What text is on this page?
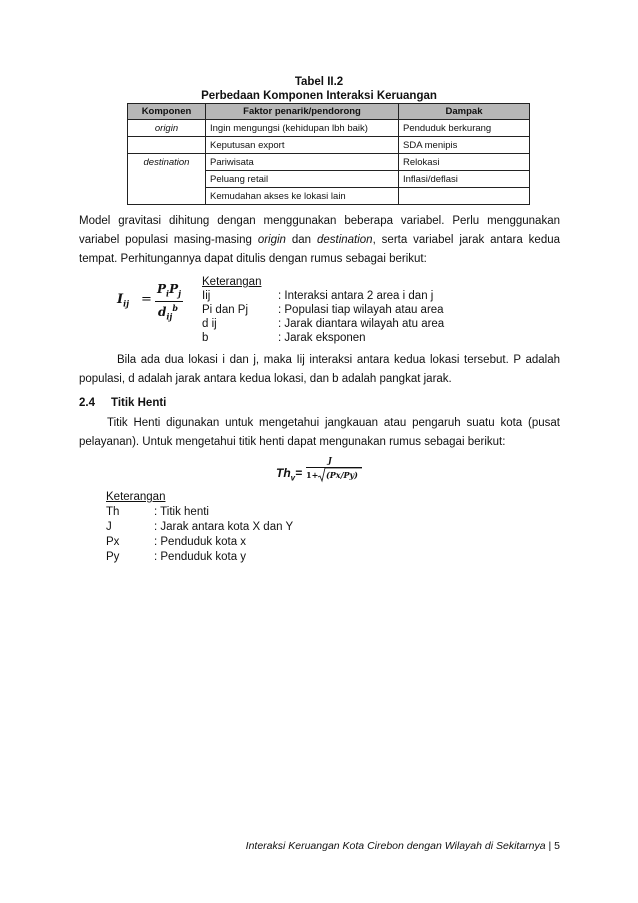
Tabel II.2
Perbedaan Komponen Interaksi Keruangan
Komponen	Faktor penarik/pendorong	Dampak
origin	Ingin mengungsi (kehidupan lbh baik)	Penduduk berkurang
	Keputusan export	SDA menipis
destination	Pariwisata	Relokasi
	Peluang retail	Inflasi/deflasi
	Kemudahan akses ke lokasi lain	
Model gravitasi dihitung dengan menggunakan beberapa variabel. Perlu menggunakan variabel populasi masing-masing origin dan destination, serta variabel jarak antara kedua tempat. Perhitungannya dapat ditulis dengan rumus sebagai berikut:
$I_{ij}$ =
$P_iP_j$
$d_{ij}^b$
Keterangan
Iij	: Interaksi antara 2 area i dan j
Pi dan Pj	: Populasi tiap wilayah atau area
d ij	: Jarak diantara wilayah atu area
b	: Jarak eksponen
Bila ada dua lokasi i dan j, maka Iij interaksi antara kedua lokasi tersebut. P adalah populasi, d adalah jarak antara kedua lokasi, dan b adalah pangkat jarak.
2.4 Titik Henti
Titik Henti digunakan untuk mengetahui jangkauan atau pengaruh suatu kota (pusat pelayanan). Untuk mengetahui titik henti dapat mengunakan rumus sebagai berikut:
$Th_v=$
J
1+ (Px/Py)
Keterangan
Th	: Titik henti
J	: Jarak antara kota X dan Y
Px	: Penduduk kota x
Py	: Penduduk kota y
Interaksi Keruangan Kota Cirebon dengan Wilayah di Sekitarnya | 5
